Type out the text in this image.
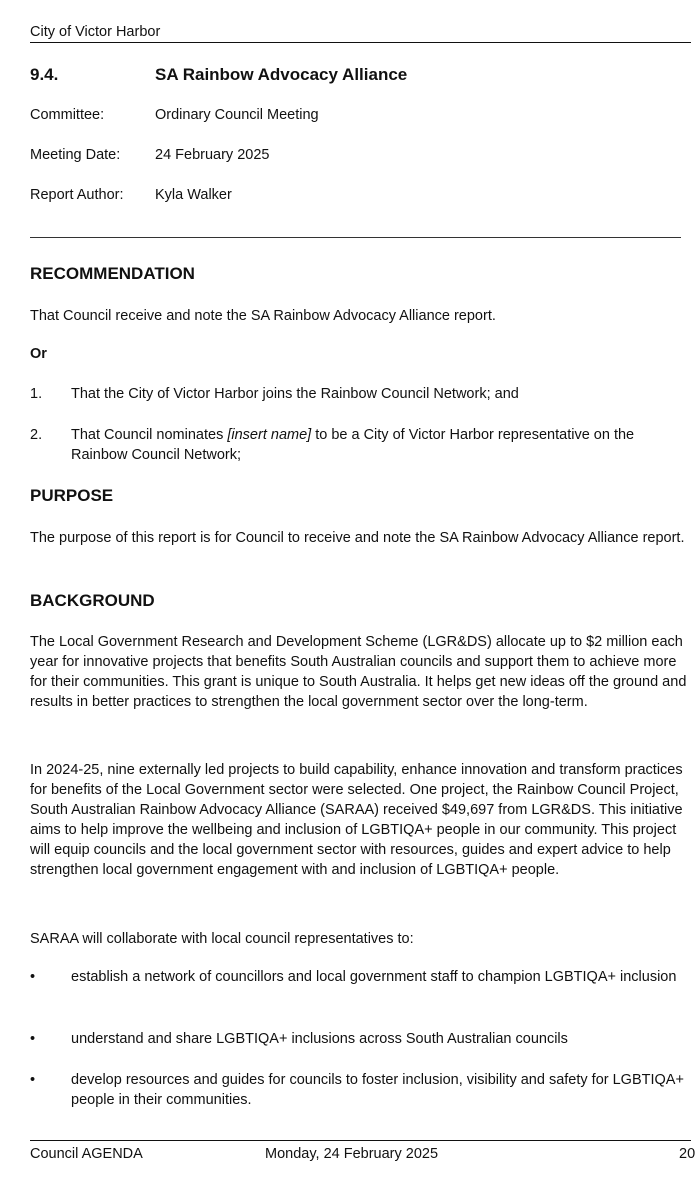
City of Victor Harbor
9.4.	SA Rainbow Advocacy Alliance
Committee:	Ordinary Council Meeting
Meeting Date: 24 February 2025
Report Author: Kyla Walker
RECOMMENDATION
That Council receive and note the SA Rainbow Advocacy Alliance report.
Or
1. That the City of Victor Harbor joins the Rainbow Council Network; and
2. That Council nominates [insert name] to be a City of Victor Harbor representative on the Rainbow Council Network;
PURPOSE
The purpose of this report is for Council to receive and note the SA Rainbow Advocacy Alliance report.
BACKGROUND
The Local Government Research and Development Scheme (LGR&DS) allocate up to $2 million each year for innovative projects that benefits South Australian councils and support them to achieve more for their communities. This grant is unique to South Australia. It helps get new ideas off the ground and results in better practices to strengthen the local government sector over the long-term.
In 2024-25, nine externally led projects to build capability, enhance innovation and transform practices for benefits of the Local Government sector were selected. One project, the Rainbow Council Project, South Australian Rainbow Advocacy Alliance (SARAA) received $49,697 from LGR&DS. This initiative aims to help improve the wellbeing and inclusion of LGBTIQA+ people in our community. This project will equip councils and the local government sector with resources, guides and expert advice to help strengthen local government engagement with and inclusion of LGBTIQA+ people.
SARAA will collaborate with local council representatives to:
• establish a network of councillors and local government staff to champion LGBTIQA+ inclusion
• understand and share LGBTIQA+ inclusions across South Australian councils
• develop resources and guides for councils to foster inclusion, visibility and safety for LGBTIQA+ people in their communities.
Council AGENDA	Monday, 24 February 2025	20
